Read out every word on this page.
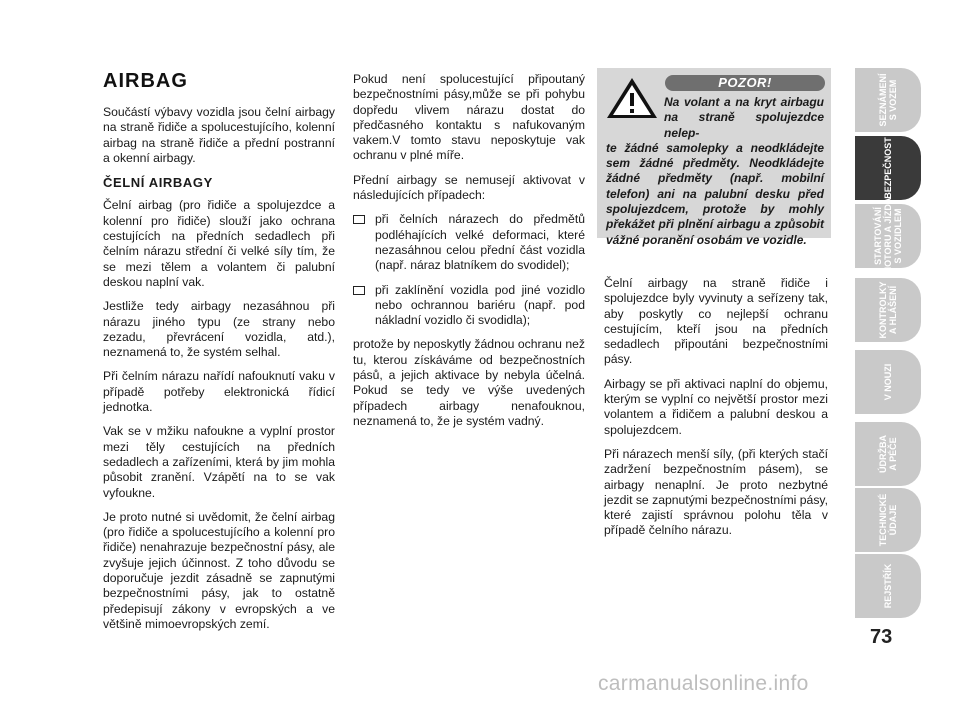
AIRBAG

Součástí výbavy vozidla jsou čelní airbagy na straně řidiče a spolucestujícího, kolenní airbag na straně řidiče a přední postranní a okenní airbagy.

ČELNÍ AIRBAGY

Čelní airbag (pro řidiče a spolujezdce a kolenní pro řidiče) slouží jako ochrana cestujících na předních sedadlech při čelním nárazu střední či velké síly tím, že se mezi tělem a volantem či palubní deskou naplní vak.

Jestliže tedy airbagy nezasáhnou při nárazu jiného typu (ze strany nebo zezadu, převrácení vozidla, atd.), neznamená to, že systém selhal.

Při čelním nárazu nařídí nafouknutí vaku v případě potřeby elektronická řídicí jednotka.

Vak se v mžiku nafoukne a vyplní prostor mezi těly cestujících na předních sedadlech a zařízeními, která by jim mohla působit zranění. Vzápětí na to se vak vyfoukne.

Je proto nutné si uvědomit, že čelní airbag (pro řidiče a spolucestujícího a kolenní pro řidiče) nenahrazuje bezpečnostní pásy, ale zvyšuje jejich účinnost. Z toho důvodu se doporučuje jezdit zásadně se zapnutými bezpečnostními pásy, jak to ostatně předepisují zákony v evropských a ve většině mimoevropských zemí.

Pokud není spolucestující připoutaný bezpečnostními pásy,může se při pohybu dopředu vlivem nárazu dostat do předčasného kontaktu s nafukovaným vakem.V tomto stavu neposkytuje vak ochranu v plné míře.

Přední airbagy se nemusejí aktivovat v následujících případech:

při čelních nárazech do předmětů podléhajících velké deformaci, které nezasáhnou celou přední část vozidla (např. náraz blatníkem do svodidel);
při zaklínění vozidla pod jiné vozidlo nebo ochrannou bariéru (např. pod nákladní vozidlo či svodidla);

protože by neposkytly žádnou ochranu než tu, kterou získáváme od bezpečnostních pásů, a jejich aktivace by nebyla účelná. Pokud se tedy ve výše uvedených případech airbagy nenafouknou, neznamená to, že je systém vadný.

POZOR!
Na volant a na kryt airbagu na straně spolujezdce nelep-
te žádné samolepky a neodkládejte sem žádné předměty. Neodkládejte žádné předměty (např. mobilní telefon) ani na palubní desku před spolujezdcem, protože by mohly překážet při plnění airbagu a způsobit vážné poranění osobám ve vozidle.

Čelní airbagy na straně řidiče i spolujezdce byly vyvinuty a seřízeny tak, aby poskytly co nejlepší ochranu cestujícím, kteří jsou na předních sedadlech připoutáni bezpečnostními pásy.

Airbagy se při aktivaci naplní do objemu, kterým se vyplní co největší prostor mezi volantem a řidičem a palubní deskou a spolujezdcem.

Při nárazech menší síly, (při kterých stačí zadržení bezpečnostním pásem), se airbagy nenaplní. Je proto nezbytné jezdit se zapnutými bezpečnostními pásy, které zajistí správnou polohu těla v případě čelního nárazu.

SEZNÁMENÍ
S VOZEM
BEZPEČNOST
STARTOVÁNÍ
MOTORU A JÍZDA
S VOZIDLEM
KONTROLKY
A HLÁŠENÍ
V NOUZI
ÚDRŽBA
A PÉČE
TECHNICKÉ
ÚDAJE
REJSTŘÍK
73
carmanualsonline.info
